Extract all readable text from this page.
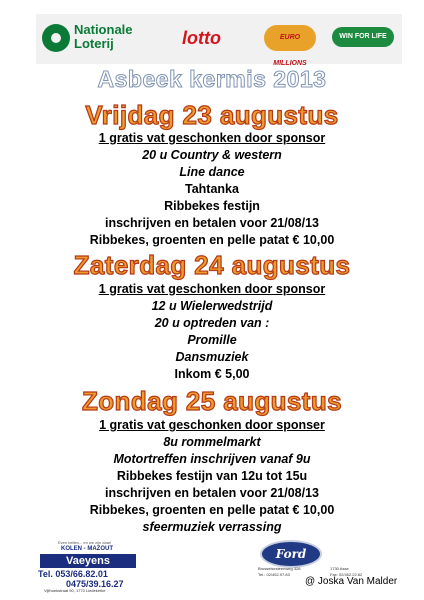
Nationale Loterij	lotto	EURO MILLIONS
WIN FOR LIFE
Asbeek kermis 2013
Vrijdag 23 augustus
1 gratis vat geschonken door sponsor
20 u Country & western
Line dance
Tahtanka
Ribbekes festijn
inschrijven en betalen voor 21/08/13
Ribbekes, groenten en pelle patat € 10,00
Zaterdag 24 augustus
1 gratis vat geschonken door sponsor
12 u Wielerwedstrijd
20 u optreden van :
Promille
Dansmuziek
Inkom € 5,00
Zondag 25 augustus
1 gratis vat geschonken door sponser
8u rommelmarkt
Motortreffen inschrijven vanaf 9u
Ribbekes festijn van 12u tot 15u
inschrijven en betalen voor 21/08/13
Ribbekes, groenten en pelle patat € 10,00
sfeermuziek verrassing
Even bellen... en we zijn daar!
KOLEN - MAZOUT
Vaeyens
Tel. 053/66.82.01
0475/39.16.27
Vijfhoekstraat 90, 1770 Liedekerke
Ford
Brusselsesteenweg 328
Tel.: 02/452.97.83
1730 Asse
Fax: 02/452.22.82
@ Joska Van Malder
